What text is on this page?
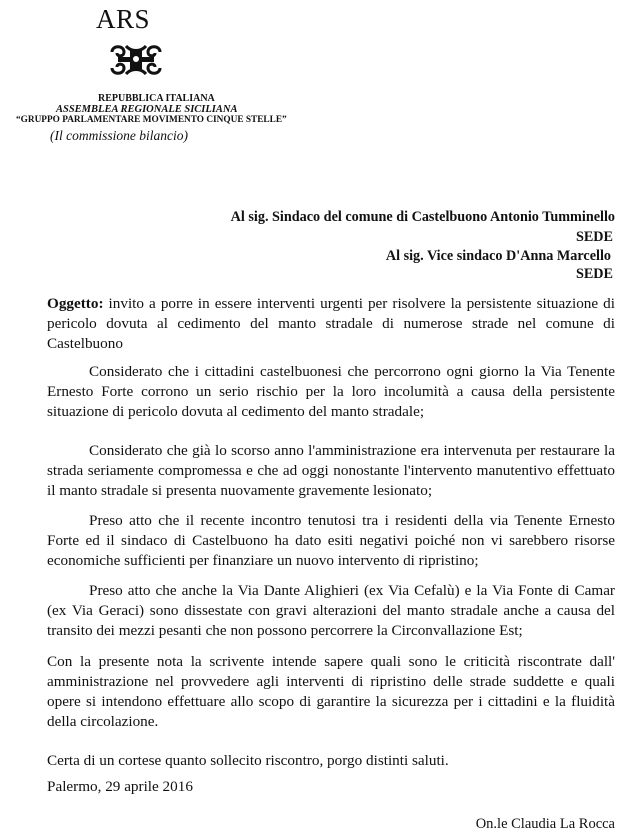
ARS
REPUBBLICA ITALIANA
ASSEMBLEA REGIONALE SICILIANA
“GRUPPO PARLAMENTARE MOVIMENTO CINQUE STELLE”
(Il commissione bilancio)
Al sig. Sindaco del comune di Castelbuono Antonio Tumminello
SEDE
Al sig. Vice sindaco D'Anna Marcello
SEDE
Oggetto: invito a porre in essere interventi urgenti per risolvere la persistente situazione di pericolo dovuta al cedimento del manto stradale di numerose strade nel comune di Castelbuono
Considerato che i cittadini castelbuonesi che percorrono ogni giorno la Via Tenente Ernesto Forte corrono un serio rischio per la loro incolumità a causa della persistente situazione di pericolo dovuta al cedimento del manto stradale;
Considerato che già lo scorso anno l'amministrazione era intervenuta per restaurare la strada seriamente compromessa e che ad oggi nonostante l'intervento manutentivo effettuato il manto stradale si presenta nuovamente gravemente lesionato;
Preso atto che il recente incontro tenutosi tra i residenti della via Tenente Ernesto Forte ed il sindaco di Castelbuono ha dato esiti negativi poiché non vi sarebbero risorse economiche sufficienti per finanziare un nuovo intervento di ripristino;
Preso atto che anche la Via Dante Alighieri (ex Via Cefalù) e la Via Fonte di Camar (ex Via Geraci) sono dissestate con gravi alterazioni del manto stradale anche a causa del transito dei mezzi pesanti che non possono percorrere la Circonvallazione Est;
Con la presente nota la scrivente intende sapere quali sono le criticità riscontrate dall' amministrazione nel provvedere agli interventi di ripristino delle strade suddette e quali opere si intendono effettuare allo scopo di garantire la sicurezza per i cittadini e la fluidità della circolazione.
Certa di un cortese quanto sollecito riscontro, porgo distinti saluti.
Palermo, 29 aprile 2016
On.le Claudia La Rocca
